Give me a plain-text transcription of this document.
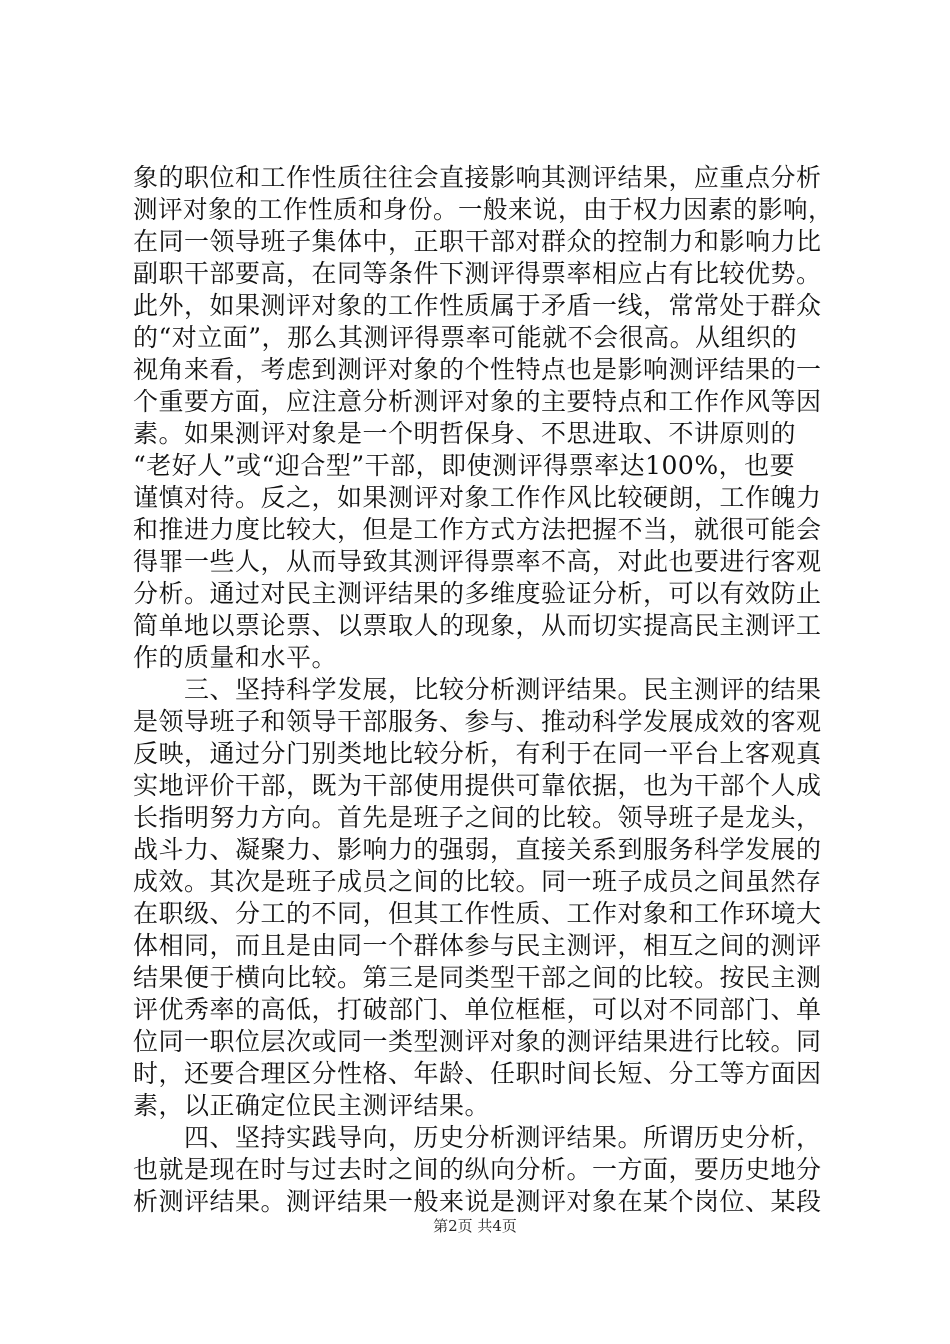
象的职位和工作性质往往会直接影响其测评结果，应重点分析
测评对象的工作性质和身份。一般来说，由于权力因素的影响，
在同一领导班子集体中，正职干部对群众的控制力和影响力比
副职干部要高，在同等条件下测评得票率相应占有比较优势。
此外，如果测评对象的工作性质属于矛盾一线，常常处于群众
的“对立面”，那么其测评得票率可能就不会很高。从组织的
视角来看，考虑到测评对象的个性特点也是影响测评结果的一
个重要方面，应注意分析测评对象的主要特点和工作作风等因
素。如果测评对象是一个明哲保身、不思进取、不讲原则的
“老好人”或“迎合型”干部，即使测评得票率达100%，也要
谨慎对待。反之，如果测评对象工作作风比较硬朗，工作魄力
和推进力度比较大，但是工作方式方法把握不当，就很可能会
得罪一些人，从而导致其测评得票率不高，对此也要进行客观
分析。通过对民主测评结果的多维度验证分析，可以有效防止
简单地以票论票、以票取人的现象，从而切实提高民主测评工
作的质量和水平。
　　三、坚持科学发展，比较分析测评结果。民主测评的结果
是领导班子和领导干部服务、参与、推动科学发展成效的客观
反映，通过分门别类地比较分析，有利于在同一平台上客观真
实地评价干部，既为干部使用提供可靠依据，也为干部个人成
长指明努力方向。首先是班子之间的比较。领导班子是龙头，
战斗力、凝聚力、影响力的强弱，直接关系到服务科学发展的
成效。其次是班子成员之间的比较。同一班子成员之间虽然存
在职级、分工的不同，但其工作性质、工作对象和工作环境大
体相同，而且是由同一个群体参与民主测评，相互之间的测评
结果便于横向比较。第三是同类型干部之间的比较。按民主测
评优秀率的高低，打破部门、单位框框，可以对不同部门、单
位同一职位层次或同一类型测评对象的测评结果进行比较。同
时，还要合理区分性格、年龄、任职时间长短、分工等方面因
素，以正确定位民主测评结果。
　　四、坚持实践导向，历史分析测评结果。所谓历史分析，
也就是现在时与过去时之间的纵向分析。一方面，要历史地分
析测评结果。测评结果一般来说是测评对象在某个岗位、某段
第2页 共4页
